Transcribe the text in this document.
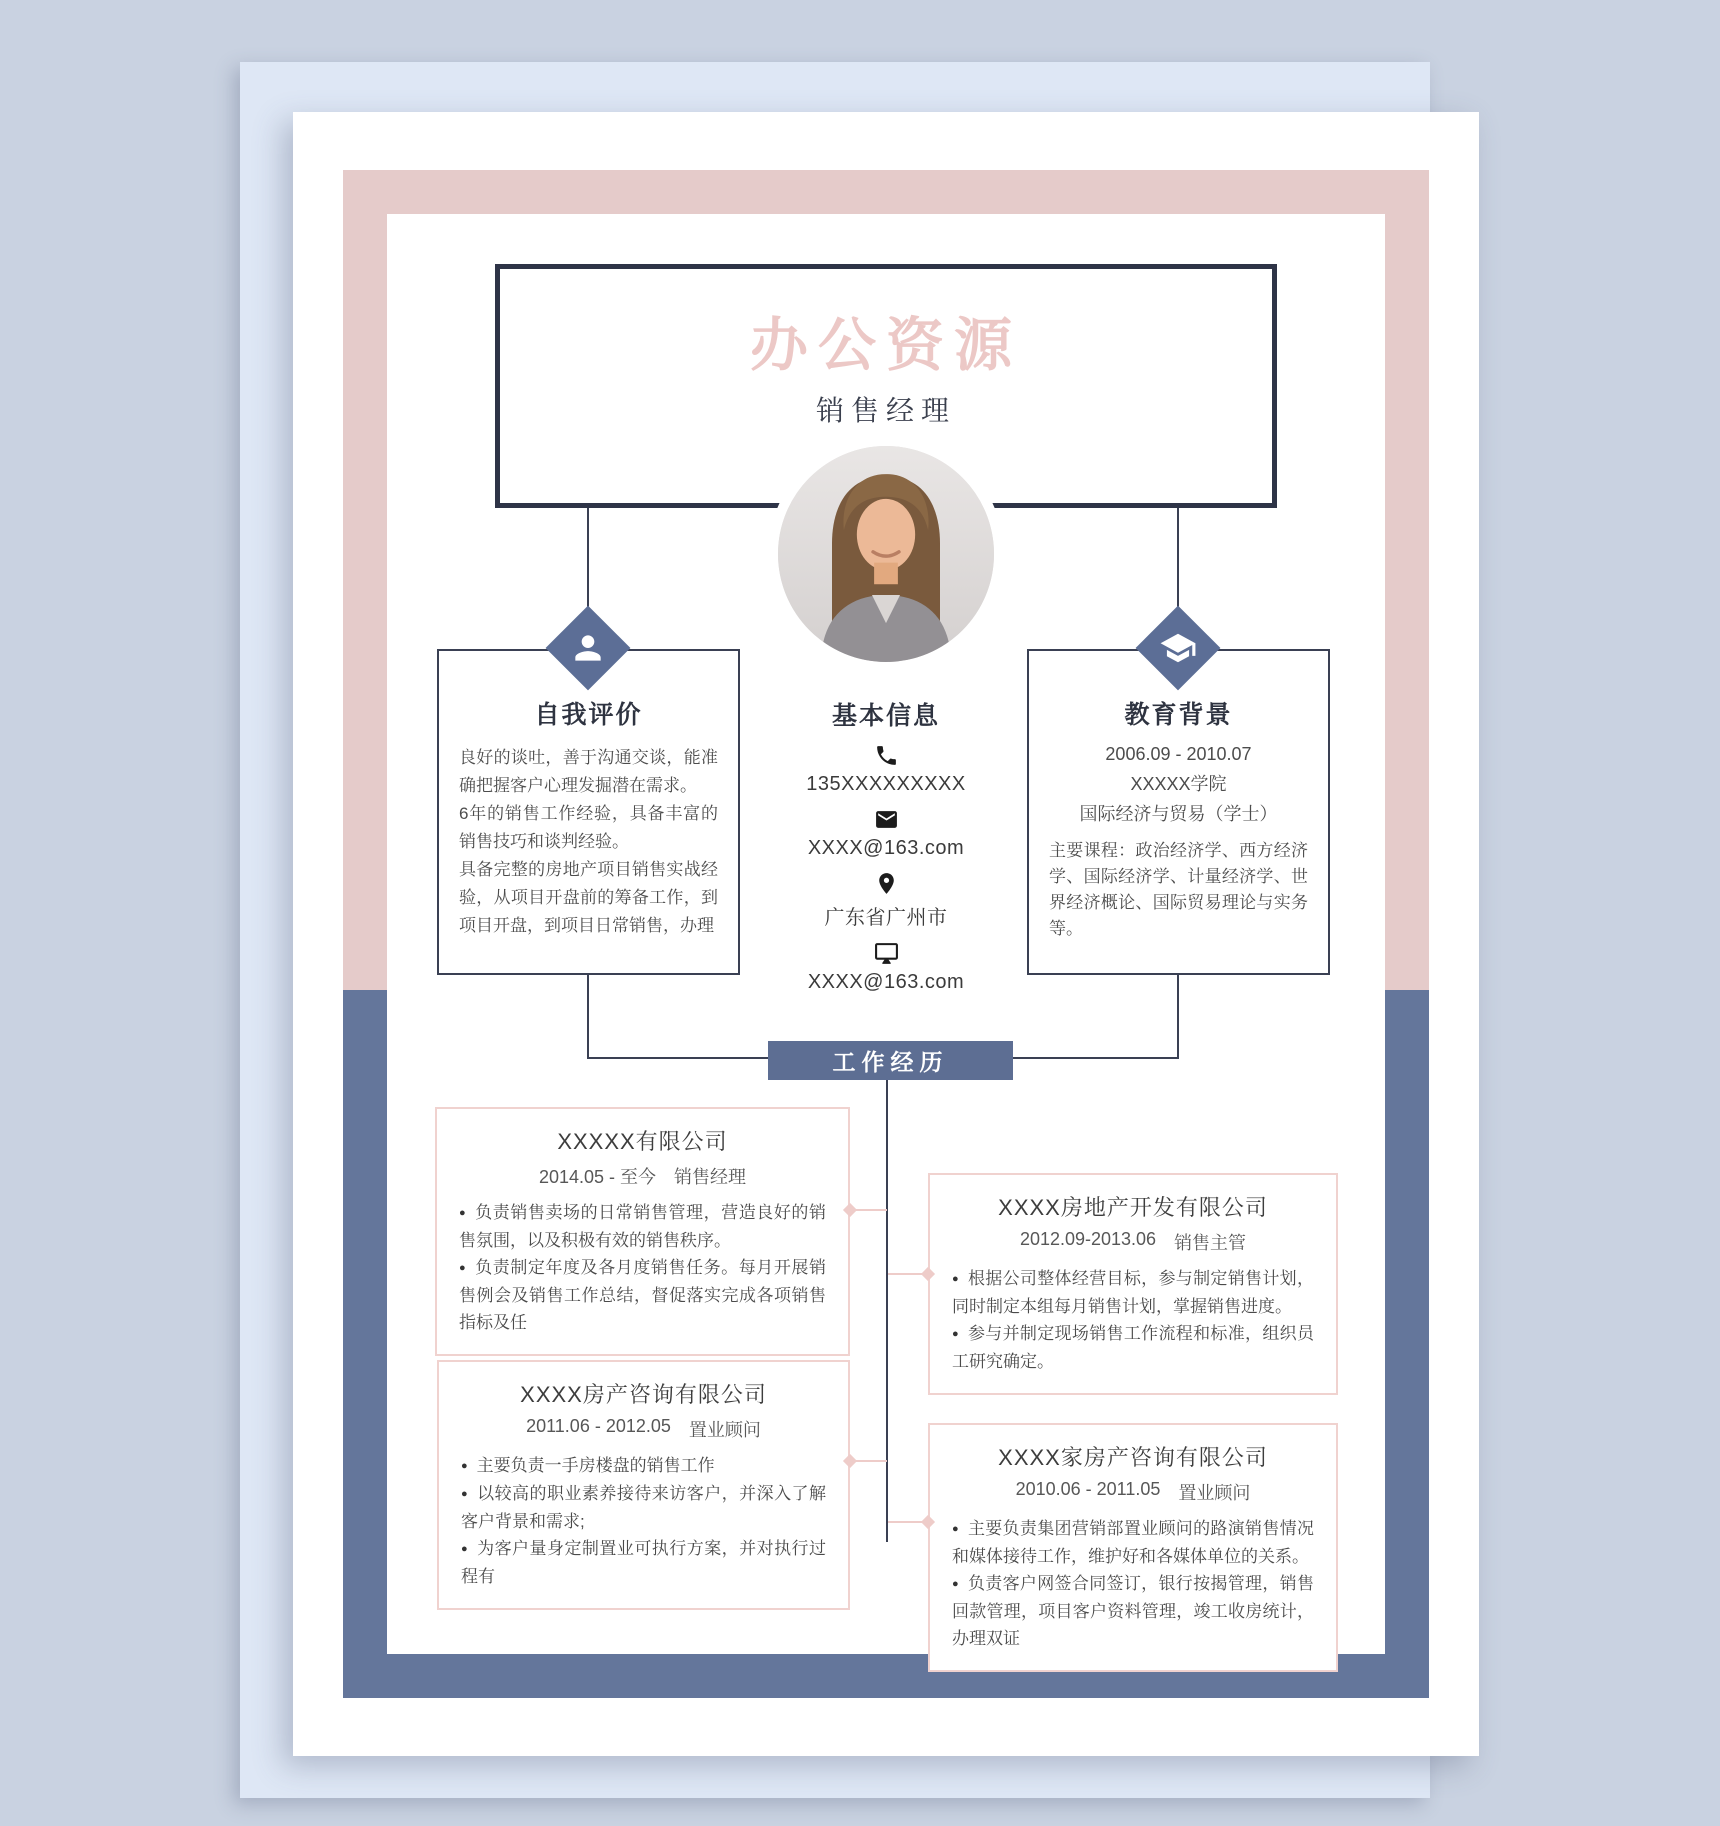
办公资源
销售经理
自我评价

良好的谈吐，善于沟通交谈，能准确把握客户心理发掘潜在需求。

6年的销售工作经验，具备丰富的销售技巧和谈判经验。

具备完整的房地产项目销售实战经验，从项目开盘前的筹备工作，到项目开盘，到项目日常销售，办理

基本信息
135XXXXXXXXX
XXXX@163.com
广东省广州市
XXXX@163.com
教育背景
2006.09 - 2010.07
XXXXX学院
国际经济与贸易（学士）
主要课程：政治经济学、西方经济学、国际经济学、计量经济学、世界经济概论、国际贸易理论与实务等。
工作经历
XXXXX有限公司
2014.05 - 至今 销售经理

● 负责销售卖场的日常销售管理，营造良好的销售氛围，以及积极有效的销售秩序。

● 负责制定年度及各月度销售任务。每月开展销售例会及销售工作总结，督促落实完成各项销售指标及任

XXXX房地产开发有限公司
2012.09-2013.06 销售主管

● 根据公司整体经营目标，参与制定销售计划，同时制定本组每月销售计划，掌握销售进度。

● 参与并制定现场销售工作流程和标准，组织员工研究确定。

XXXX房产咨询有限公司
2011.06 - 2012.05 置业顾问

● 主要负责一手房楼盘的销售工作

● 以较高的职业素养接待来访客户，并深入了解客户背景和需求;

● 为客户量身定制置业可执行方案，并对执行过程有

XXXX家房产咨询有限公司
2010.06 - 2011.05 置业顾问

● 主要负责集团营销部置业顾问的路演销售情况和媒体接待工作，维护好和各媒体单位的关系。

● 负责客户网签合同签订，银行按揭管理，销售回款管理，项目客户资料管理，竣工收房统计，办理双证
